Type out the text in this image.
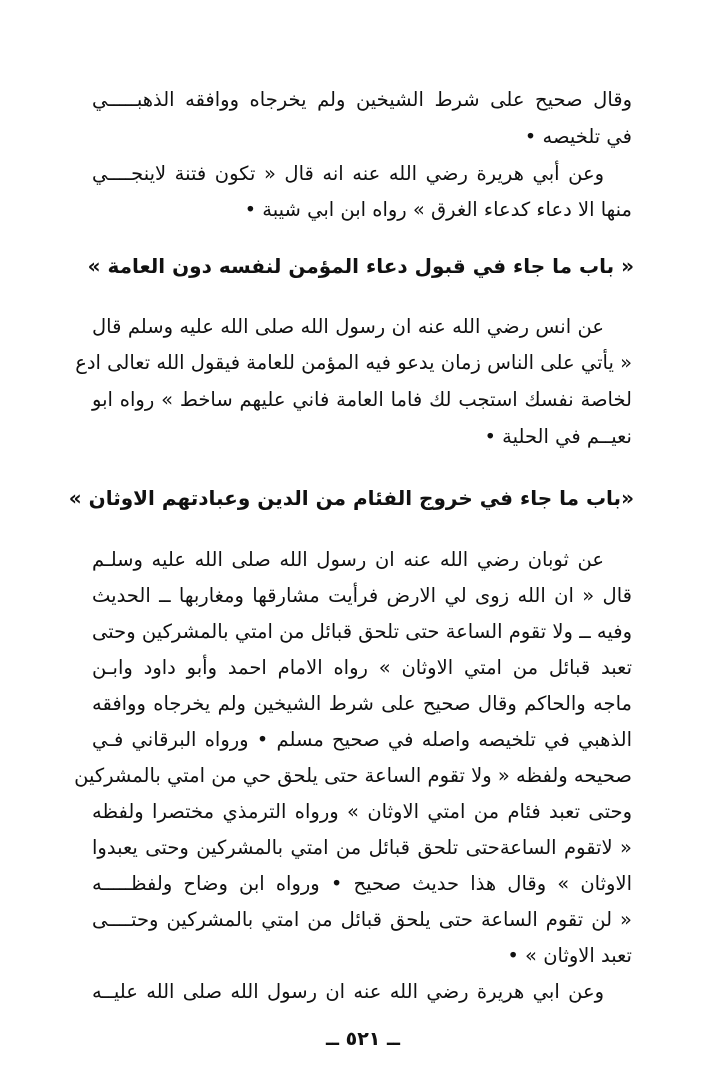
وقال صحيح على شرط الشيخين ولم يخرجاه ووافقه الذهبـــــي
في تلخيصه •
وعن أبي هريرة رضي الله عنه انه قال « تكون فتنة لاينجــــي
منها الا دعاء كدعاء الغرق » رواه ابن ابي شيبة •
« باب ما جاء في قبول دعاء المؤمن لنفسه دون العامة »
عن انس رضي الله عنه ان رسول الله صلى الله عليه وسلم قال
« يأتي على الناس زمان يدعو فيه المؤمن للعامة فيقول الله تعالى ادع
لخاصة نفسك استجب لك فاما العامة فاني عليهم ساخط » رواه ابو
نعيــم في الحلية •
«باب ما جاء في خروج الفئام من الدين وعبادتهم الاوثان »
عن ثوبان رضي الله عنه ان رسول الله صلى الله عليه وسلـم
قال « ان الله زوى لي الارض فرأيت مشارقها ومغاربها ــ الحديث
وفيه ــ ولا تقوم الساعة حتى تلحق قبائل من امتي بالمشركين وحتى
تعبد قبائل من امتي الاوثان » رواه الامام احمد وأبو داود وابـن
ماجه والحاكم وقال صحيح على شرط الشيخين ولم يخرجاه ووافقه
الذهبي في تلخيصه واصله في صحيح مسلم • ورواه البرقاني فـي
صحيحه ولفظه « ولا تقوم الساعة حتى يلحق حي من امتي بالمشركين
وحتى تعبد فئام من امتي الاوثان » ورواه الترمذي مختصرا ولفظه
« لاتقوم الساعةحتى تلحق قبائل من امتي بالمشركين وحتى يعبدوا
الاوثان » وقال هذا حديث صحيح • ورواه ابن وضاح ولفظـــــه
« لن تقوم الساعة حتى يلحق قبائل من امتي بالمشركين وحتــــى
تعبد الاوثان » •
وعن ابي هريرة رضي الله عنه ان رسول الله صلى الله عليــه
ــ ٥٢١ ــ
